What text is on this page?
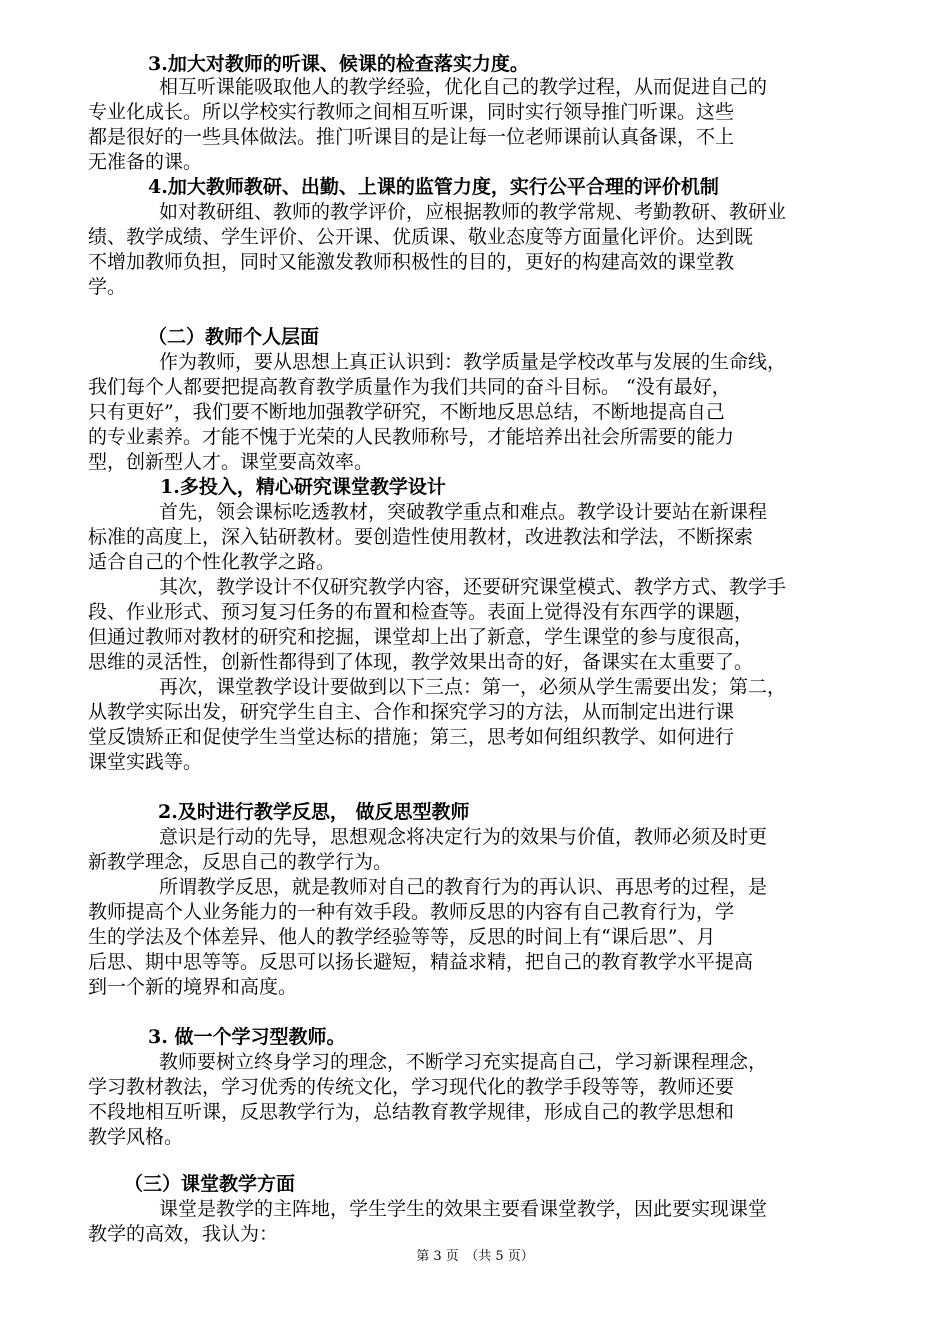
3.加大对教师的听课、候课的检查落实力度。
相互听课能吸取他人的教学经验，优化自己的教学过程，从而促进自己的
专业化成长。所以学校实行教师之间相互听课，同时实行领导推门听课。这些
都是很好的一些具体做法。推门听课目的是让每一位老师课前认真备课，不上
无准备的课。
4.加大教师教研、出勤、上课的监管力度，实行公平合理的评价机制
如对教研组、教师的教学评价，应根据教师的教学常规、考勤教研、教研业
绩、教学成绩、学生评价、公开课、优质课、敬业态度等方面量化评价。达到既
不增加教师负担，同时又能激发教师积极性的目的，更好的构建高效的课堂教
学。
（二）教师个人层面
作为教师，要从思想上真正认识到：教学质量是学校改革与发展的生命线，
我们每个人都要把提高教育教学质量作为我们共同的奋斗目标。 “没有最好，
只有更好”，我们要不断地加强教学研究，不断地反思总结，不断地提高自己
的专业素养。才能不愧于光荣的人民教师称号，才能培养出社会所需要的能力
型，创新型人才。课堂要高效率。
1.多投入，精心研究课堂教学设计
首先，领会课标吃透教材，突破教学重点和难点。教学设计要站在新课程
标准的高度上，深入钻研教材。要创造性使用教材，改进教法和学法，不断探索
适合自己的个性化教学之路。
其次，教学设计不仅研究教学内容，还要研究课堂模式、教学方式、教学手
段、作业形式、预习复习任务的布置和检查等。表面上觉得没有东西学的课题，
但通过教师对教材的研究和挖掘，课堂却上出了新意，学生课堂的参与度很高，
思维的灵活性，创新性都得到了体现，教学效果出奇的好，备课实在太重要了。
再次，课堂教学设计要做到以下三点：第一，必须从学生需要出发；第二，
从教学实际出发，研究学生自主、合作和探究学习的方法，从而制定出进行课
堂反馈矫正和促使学生当堂达标的措施；第三，思考如何组织教学、如何进行
课堂实践等。
2.及时进行教学反思， 做反思型教师
意识是行动的先导，思想观念将决定行为的效果与价值，教师必须及时更
新教学理念，反思自己的教学行为。
所谓教学反思，就是教师对自己的教育行为的再认识、再思考的过程，是
教师提高个人业务能力的一种有效手段。教师反思的内容有自己教育行为，学
生的学法及个体差异、他人的教学经验等等，反思的时间上有“课后思”、月
后思、期中思等等。反思可以扬长避短，精益求精，把自己的教育教学水平提高
到一个新的境界和高度。
3. 做一个学习型教师。
教师要树立终身学习的理念，不断学习充实提高自己，学习新课程理念，
学习教材教法，学习优秀的传统文化，学习现代化的教学手段等等，教师还要
不段地相互听课，反思教学行为，总结教育教学规律，形成自己的教学思想和
教学风格。
（三）课堂教学方面
课堂是教学的主阵地，学生学生的效果主要看课堂教学，因此要实现课堂
教学的高效，我认为：
第 3 页　（共 5 页）
